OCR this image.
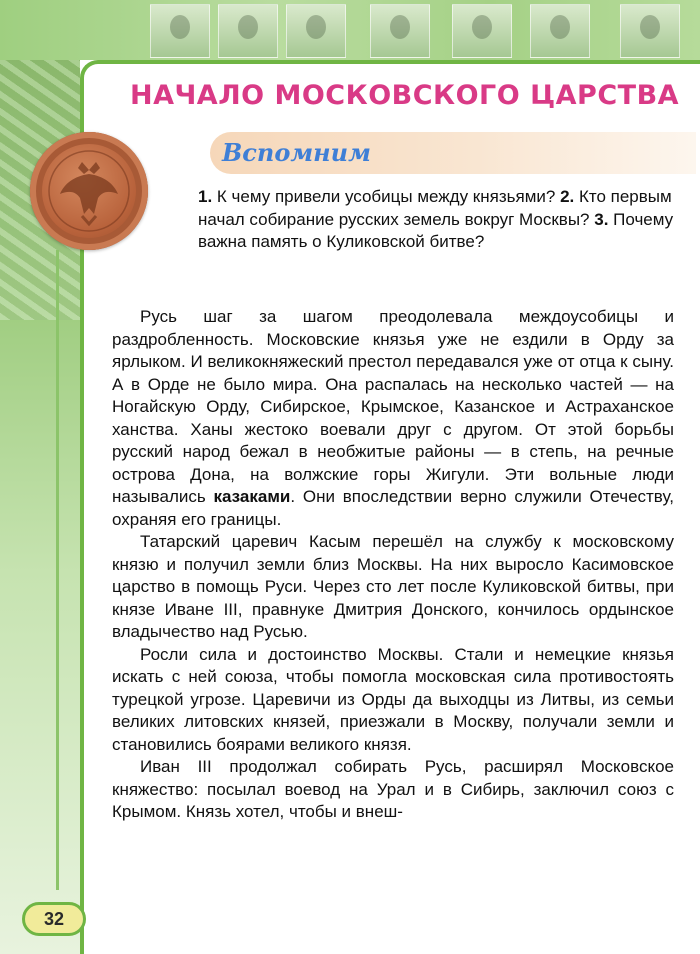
НАЧАЛО МОСКОВСКОГО ЦАРСТВА
Вспомним
1. К чему привели усобицы между князьями? 2. Кто первым начал собирание русских земель вокруг Москвы? 3. Почему важна память о Куликовской битве?

Русь шаг за шагом преодолевала междоусобицы и раздробленность. Московские князья уже не ездили в Орду за ярлыком. И великокняжеский престол передавался уже от отца к сыну. А в Орде не было мира. Она распалась на несколько частей — на Ногайскую Орду, Сибирское, Крымское, Казанское и Астраханское ханства. Ханы жестоко воевали друг с другом. От этой борьбы русский народ бежал в необжитые районы — в степь, на речные острова Дона, на волжские горы Жигули. Эти вольные люди назывались казаками. Они впоследствии верно служили Отечеству, охраняя его границы.

Татарский царевич Касым перешёл на службу к московскому князю и получил земли близ Москвы. На них выросло Касимовское царство в помощь Руси. Через сто лет после Куликовской битвы, при князе Иване III, правнуке Дмитрия Донского, кончилось ордынское владычество над Русью.

Росли сила и достоинство Москвы. Стали и немецкие князья искать с ней союза, чтобы помогла московская сила противостоять турецкой угрозе. Царевичи из Орды да выходцы из Литвы, из семьи великих литовских князей, приезжали в Москву, получали земли и становились боярами великого князя.

Иван III продолжал собирать Русь, расширял Московское княжество: посылал воевод на Урал и в Сибирь, заключил союз с Крымом. Князь хотел, чтобы и внеш-

32
